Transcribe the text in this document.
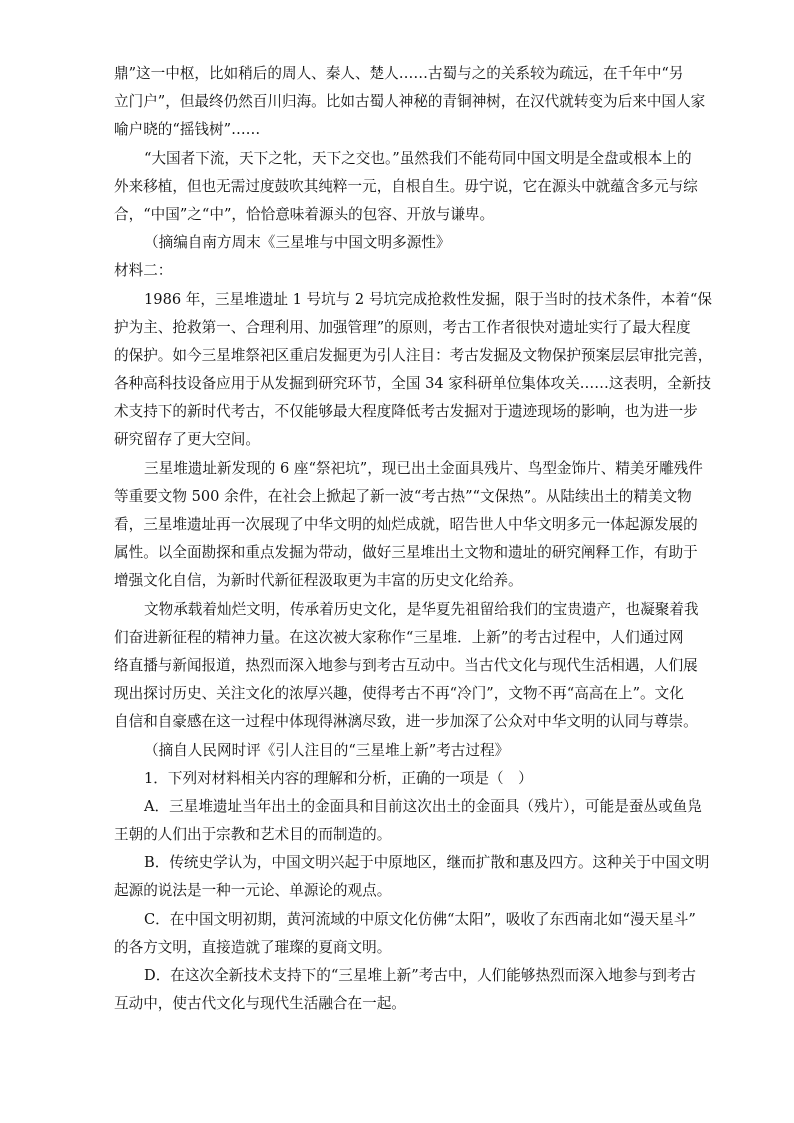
鼎”这一中枢，比如稍后的周人、秦人、楚人……古蜀与之的关系较为疏远，在千年中“另
立门户”，但最终仍然百川归海。比如古蜀人神秘的青铜神树，在汉代就转变为后来中国人家
喻户晓的“摇钱树”……
“大国者下流，天下之牝，天下之交也。”虽然我们不能苟同中国文明是全盘或根本上的
外来移植，但也无需过度鼓吹其纯粹一元，自根自生。毋宁说，它在源头中就蕴含多元与综
合，“中国”之“中”，恰恰意味着源头的包容、开放与谦卑。
（摘编自南方周末《三星堆与中国文明多源性》
材料二：
1986 年，三星堆遗址 1 号坑与 2 号坑完成抢救性发掘，限于当时的技术条件，本着“保
护为主、抢救第一、合理利用、加强管理”的原则，考古工作者很快对遗址实行了最大程度
的保护。如今三星堆祭祀区重启发掘更为引人注目：考古发掘及文物保护预案层层审批完善，
各种高科技设备应用于从发掘到研究环节，全国 34 家科研单位集体攻关……这表明，全新技
术支持下的新时代考古，不仅能够最大程度降低考古发掘对于遗迹现场的影响，也为进一步
研究留存了更大空间。
三星堆遗址新发现的 6 座“祭祀坑”，现已出土金面具残片、鸟型金饰片、精美牙雕残件
等重要文物 500 余件，在社会上掀起了新一波“考古热”“文保热”。从陆续出土的精美文物
看，三星堆遗址再一次展现了中华文明的灿烂成就，昭告世人中华文明多元一体起源发展的
属性。以全面勘探和重点发掘为带动，做好三星堆出土文物和遗址的研究阐释工作，有助于
增强文化自信，为新时代新征程汲取更为丰富的历史文化给养。
文物承载着灿烂文明，传承着历史文化，是华夏先祖留给我们的宝贵遗产，也凝聚着我
们奋进新征程的精神力量。在这次被大家称作“三星堆．上新”的考古过程中，人们通过网
络直播与新闻报道，热烈而深入地参与到考古互动中。当古代文化与现代生活相遇，人们展
现出探讨历史、关注文化的浓厚兴趣，使得考古不再“冷门”，文物不再“高高在上”。文化
自信和自豪感在这一过程中体现得淋漓尽致，进一步加深了公众对中华文明的认同与尊崇。
（摘自人民网时评《引人注目的“三星堆上新”考古过程》
1．下列对材料相关内容的理解和分析，正确的一项是（　）
A．三星堆遗址当年出土的金面具和目前这次出土的金面具（残片），可能是蚕丛或鱼凫
王朝的人们出于宗教和艺术目的而制造的。
B．传统史学认为，中国文明兴起于中原地区，继而扩散和惠及四方。这种关于中国文明
起源的说法是一种一元论、单源论的观点。
C．在中国文明初期，黄河流域的中原文化仿佛“太阳”，吸收了东西南北如“漫天星斗”
的各方文明，直接造就了璀璨的夏商文明。
D．在这次全新技术支持下的“三星堆上新”考古中，人们能够热烈而深入地参与到考古
互动中，使古代文化与现代生活融合在一起。
